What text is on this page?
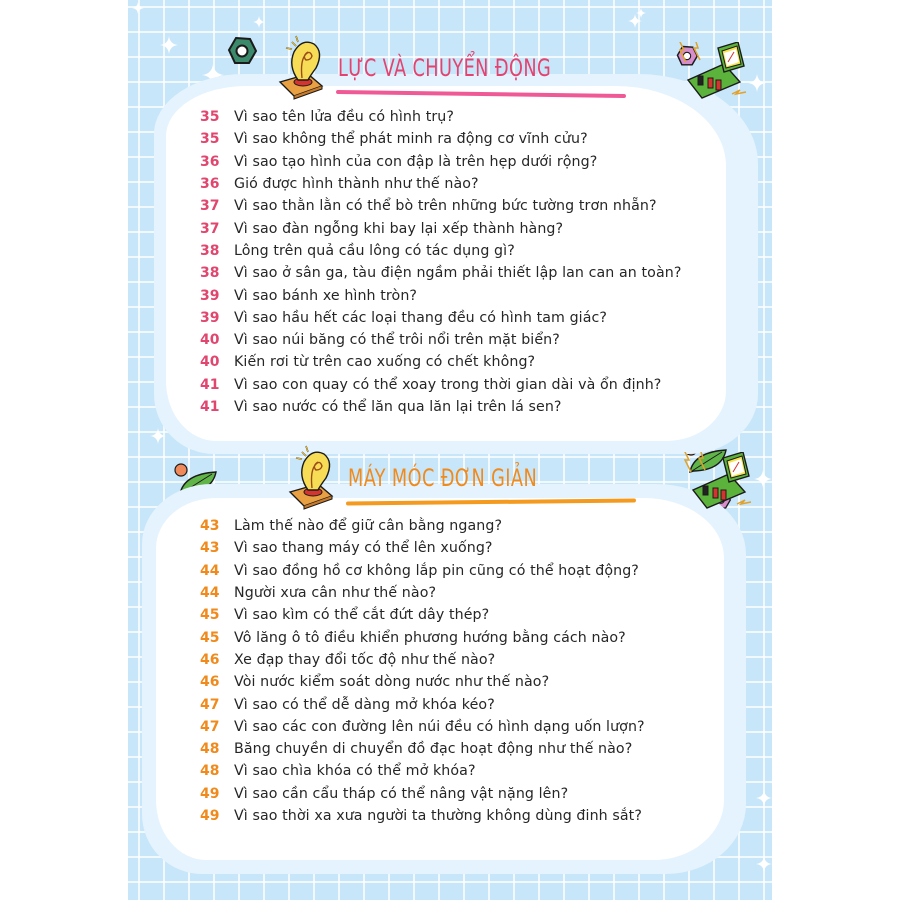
LỰC VÀ CHUYỂN ĐỘNG
MÁY MÓC ĐƠN GIẢN
35	Vì sao tên lửa đều có hình trụ?
35	Vì sao không thể phát minh ra động cơ vĩnh cửu?
36	Vì sao tạo hình của con đập là trên hẹp dưới rộng?
36	Gió được hình thành như thế nào?
37	Vì sao thằn lằn có thể bò trên những bức tường trơn nhẵn?
37	Vì sao đàn ngỗng khi bay lại xếp thành hàng?
38	Lông trên quả cầu lông có tác dụng gì?
38	Vì sao ở sân ga, tàu điện ngầm phải thiết lập lan can an toàn?
39	Vì sao bánh xe hình tròn?
39	Vì sao hầu hết các loại thang đều có hình tam giác?
40	Vì sao núi băng có thể trôi nổi trên mặt biển?
40	Kiến rơi từ trên cao xuống có chết không?
41	Vì sao con quay có thể xoay trong thời gian dài và ổn định?
41	Vì sao nước có thể lăn qua lăn lại trên lá sen?
43	Làm thế nào để giữ cân bằng ngang?
43	Vì sao thang máy có thể lên xuống?
44	Vì sao đồng hồ cơ không lắp pin cũng có thể hoạt động?
44	Người xưa cân như thế nào?
45	Vì sao kìm có thể cắt đứt dây thép?
45	Vô lăng ô tô điều khiển phương hướng bằng cách nào?
46	Xe đạp thay đổi tốc độ như thế nào?
46	Vòi nước kiểm soát dòng nước như thế nào?
47	Vì sao có thể dễ dàng mở khóa kéo?
47	Vì sao các con đường lên núi đều có hình dạng uốn lượn?
48	Băng chuyền di chuyển đồ đạc hoạt động như thế nào?
48	Vì sao chìa khóa có thể mở khóa?
49	Vì sao cần cẩu tháp có thể nâng vật nặng lên?
49	Vì sao thời xa xưa người ta thường không dùng đinh sắt?
